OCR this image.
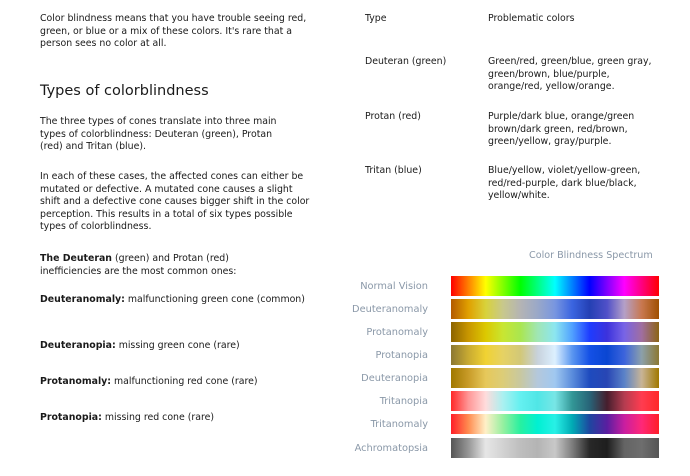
Color blindness means that you have trouble seeing red, green, or blue or a mix of these colors. It's rare that a person sees no color at all.

Types of colorblindness

The three types of cones translate into three main types of colorblindness: Deuteran (green), Protan (red) and Tritan (blue).

In each of these cases, the affected cones can either be mutated or defective. A mutated cone causes a slight shift and a defective cone causes bigger shift in the color perception. This results in a total of six types possible types of colorblindness.

The Deuteran (green) and Protan (red) inefficiencies are the most common ones:

Deuteranomaly: malfunctioning green cone (common)

Deuteranopia: missing green cone (rare)

Protanomaly: malfunctioning red cone (rare)

Protanopia: missing red cone (rare)

Type	Problematic colors
Deuteran (green)	Green/red, green/blue, green gray, green/brown, blue/purple, orange/red, yellow/orange.
Protan (red)	Purple/dark blue, orange/green brown/dark green, red/brown, green/yellow, gray/purple.
Tritan (blue)	Blue/yellow, violet/yellow-green, red/red-purple, dark blue/black, yellow/white.
Color Blindness Spectrum
Normal Vision
Deuteranomaly
Protanomaly
Protanopia
Deuteranopia
Tritanopia
Tritanomaly
Achromatopsia
